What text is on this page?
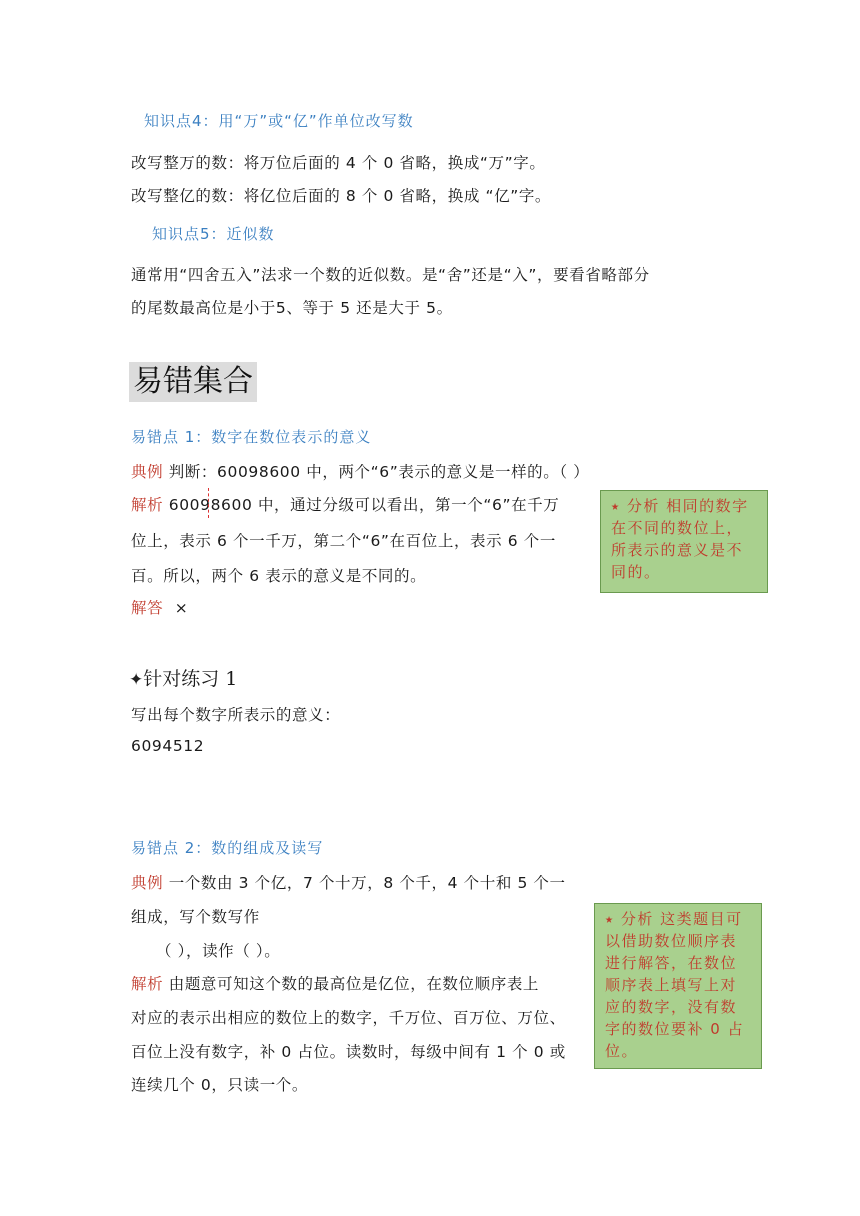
知识点4：用“万”或“亿”作单位改写数
改写整万的数：将万位后面的 4 个 0 省略，换成“万”字。
改写整亿的数：将亿位后面的 8 个 0 省略，换成 “亿”字。
知识点5：近似数
通常用“四舍五入”法求一个数的近似数。是“舍”还是“入”，要看省略部分
的尾数最高位是小于5、等于 5 还是大于 5。
易错集合
易错点 1：数字在数位表示的意义
典例 判断：60098600 中，两个“6”表示的意义是一样的。（ ）
解析 60098600 中，通过分级可以看出，第一个“6”在千万
位上，表示 6 个一千万，第二个“6”在百位上，表示 6 个一
百。所以，两个 6 表示的意义是不同的。
解答 ×
⭑ 分析 相同的数字在不同的数位上，所表示的意义是不同的。
✦针对练习 1
写出每个数字所表示的意义：
6094512
易错点 2：数的组成及读写
典例 一个数由 3 个亿，7 个十万，8 个千，4 个十和 5 个一
组成，写个数写作
（ ），读作（ ）。
解析 由题意可知这个数的最高位是亿位，在数位顺序表上
对应的表示出相应的数位上的数字，千万位、百万位、万位、
百位上没有数字，补 0 占位。读数时，每级中间有 1 个 0 或
连续几个 0，只读一个。
⭑ 分析 这类题目可以借助数位顺序表进行解答，在数位顺序表上填写上对应的数字，没有数字的数位要补 0 占位。
